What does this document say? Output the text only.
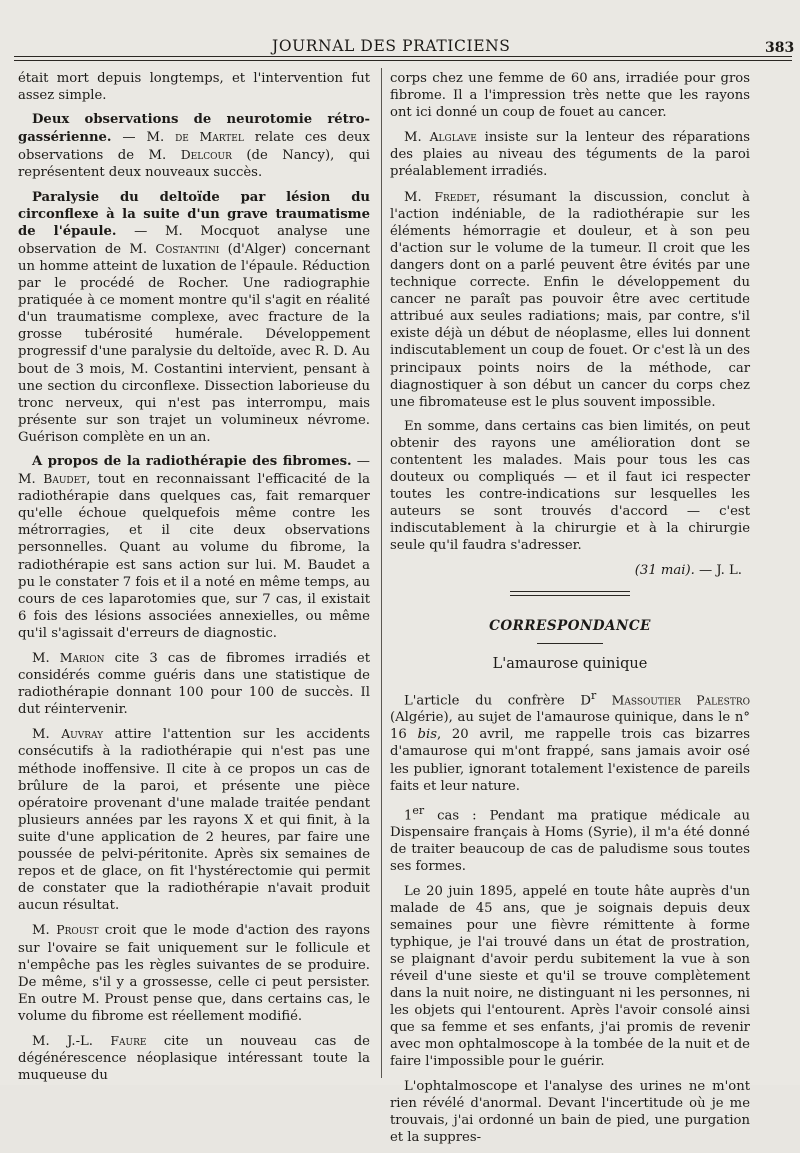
JOURNAL DES PRATICIENS	383

était mort depuis longtemps, et l'intervention fut assez simple.

Deux observations de neurotomie rétro-gassérienne. — M. de Martel relate ces deux observations de M. Delcour (de Nancy), qui représentent deux nouveaux succès.

Paralysie du deltoïde par lésion du circonflexe à la suite d'un grave traumatisme de l'épaule. — M. Mocquot analyse une observation de M. Costantini (d'Alger) concernant un homme atteint de luxation de l'épaule. Réduction par le procédé de Rocher. Une radiographie pratiquée à ce moment montre qu'il s'agit en réalité d'un traumatisme complexe, avec fracture de la grosse tubérosité humérale. Développement progressif d'une paralysie du deltoïde, avec R. D. Au bout de 3 mois, M. Costantini intervient, pensant à une section du circonflexe. Dissection laborieuse du tronc nerveux, qui n'est pas interrompu, mais présente sur son trajet un volumineux névrome. Guérison complète en un an.

A propos de la radiothérapie des fibromes. — M. Baudet, tout en reconnaissant l'efficacité de la radiothérapie dans quelques cas, fait remarquer qu'elle échoue quelquefois même contre les métrorragies, et il cite deux observations personnelles. Quant au volume du fibrome, la radiothérapie est sans action sur lui. M. Baudet a pu le constater 7 fois et il a noté en même temps, au cours de ces laparotomies que, sur 7 cas, il existait 6 fois des lésions associées annexielles, ou même qu'il s'agissait d'erreurs de diagnostic.

M. Marion cite 3 cas de fibromes irradiés et considérés comme guéris dans une statistique de radiothérapie donnant 100 pour 100 de succès. Il dut réintervenir.

M. Auvray attire l'attention sur les accidents consécutifs à la radiothérapie qui n'est pas une méthode inoffensive. Il cite à ce propos un cas de brûlure de la paroi, et présente une pièce opératoire provenant d'une malade traitée pendant plusieurs années par les rayons X et qui finit, à la suite d'une application de 2 heures, par faire une poussée de pelvi-péritonite. Après six semaines de repos et de glace, on fit l'hystérectomie qui permit de constater que la radiothérapie n'avait produit aucun résultat.

M. Proust croit que le mode d'action des rayons sur l'ovaire se fait uniquement sur le follicule et n'empêche pas les règles suivantes de se produire. De même, s'il y a grossesse, celle ci peut persister. En outre M. Proust pense que, dans certains cas, le volume du fibrome est réellement modifié.

M. J.-L. Faure cite un nouveau cas de dégénérescence néoplasique intéressant toute la muqueuse du

corps chez une femme de 60 ans, irradiée pour gros fibrome. Il a l'impression très nette que les rayons ont ici donné un coup de fouet au cancer.

M. Alglave insiste sur la lenteur des réparations des plaies au niveau des téguments de la paroi préalablement irradiés.

M. Fredet, résumant la discussion, conclut à l'action indéniable, de la radiothérapie sur les éléments hémorragie et douleur, et à son peu d'action sur le volume de la tumeur. Il croit que les dangers dont on a parlé peuvent être évités par une technique correcte. Enfin le développement du cancer ne paraît pas pouvoir être avec certitude attribué aux seules radiations; mais, par contre, s'il existe déjà un début de néoplasme, elles lui donnent indiscutablement un coup de fouet. Or c'est là un des principaux points noirs de la méthode, car diagnostiquer à son début un cancer du corps chez une fibromateuse est le plus souvent impossible.

En somme, dans certains cas bien limités, on peut obtenir des rayons une amélioration dont se contentent les malades. Mais pour tous les cas douteux ou compliqués — et il faut ici respecter toutes les contre-indications sur lesquelles les auteurs se sont trouvés d'accord — c'est indiscutablement à la chirurgie et à la chirurgie seule qu'il faudra s'adresser.

(31 mai). — J. L.
CORRESPONDANCE
L'amaurose quinique

L'article du confrère $D^r$ Massoutier Palestro (Algérie), au sujet de l'amaurose quinique, dans le n° 16 bis, 20 avril, me rappelle trois cas bizarres d'amaurose qui m'ont frappé, sans jamais avoir osé les publier, ignorant totalement l'existence de pareils faits et leur nature.

1er cas : Pendant ma pratique médicale au Dispensaire français à Homs (Syrie), il m'a été donné de traiter beaucoup de cas de paludisme sous toutes ses formes.

Le 20 juin 1895, appelé en toute hâte auprès d'un malade de 45 ans, que je soignais depuis deux semaines pour une fièvre rémittente à forme typhique, je l'ai trouvé dans un état de prostration, se plaignant d'avoir perdu subitement la vue à son réveil d'une sieste et qu'il se trouve complètement dans la nuit noire, ne distinguant ni les personnes, ni les objets qui l'entourent. Après l'avoir consolé ainsi que sa femme et ses enfants, j'ai promis de revenir avec mon ophtalmoscope à la tombée de la nuit et de faire l'impossible pour le guérir.

L'ophtalmoscope et l'analyse des urines ne m'ont rien révélé d'anormal. Devant l'incertitude où je me trouvais, j'ai ordonné un bain de pied, une purgation et la suppres-
